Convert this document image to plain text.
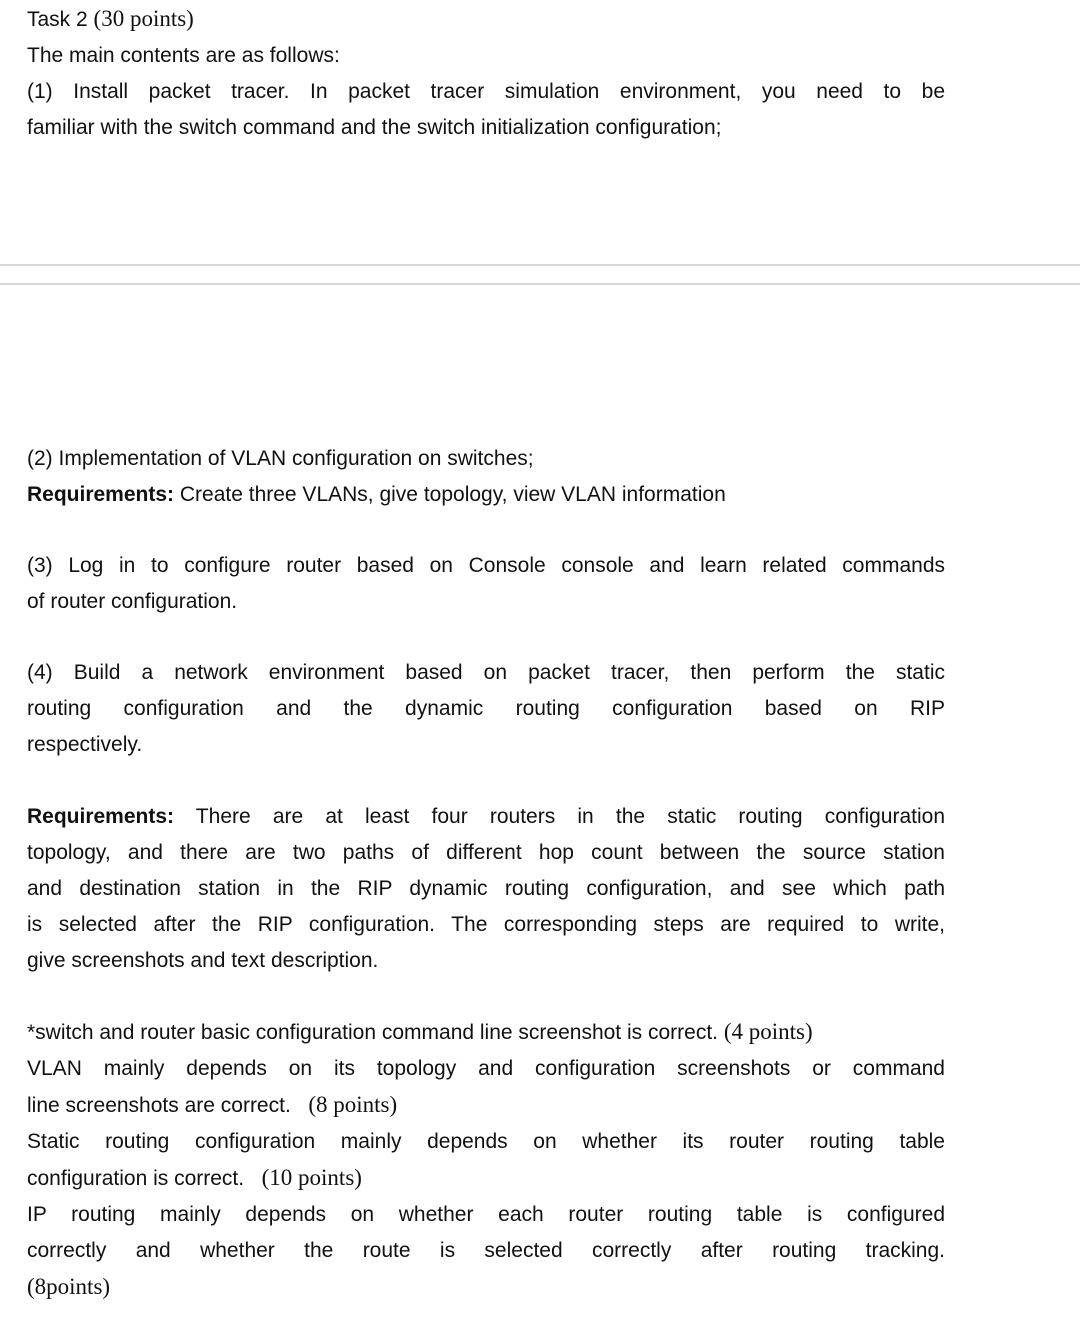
Task 2 (30 points)
The main contents are as follows:
(1) Install packet tracer. In packet tracer simulation environment, you need to be
familiar with the switch command and the switch initialization configuration;
(2) Implementation of VLAN configuration on switches;
Requirements: Create three VLANs, give topology, view VLAN information
(3) Log in to configure router based on Console console and learn related commands
of router configuration.
(4) Build a network environment based on packet tracer, then perform the static
routing configuration and the dynamic routing configuration based on RIP
respectively.
Requirements: There are at least four routers in the static routing configuration
topology, and there are two paths of different hop count between the source station
and destination station in the RIP dynamic routing configuration, and see which path
is selected after the RIP configuration. The corresponding steps are required to write,
give screenshots and text description.
*switch and router basic configuration command line screenshot is correct. (4 points)
VLAN mainly depends on its topology and configuration screenshots or command
line screenshots are correct. (8 points)
Static routing configuration mainly depends on whether its router routing table
configuration is correct. (10 points)
IP routing mainly depends on whether each router routing table is configured
correctly and whether the route is selected correctly after routing tracking.
(8points)
